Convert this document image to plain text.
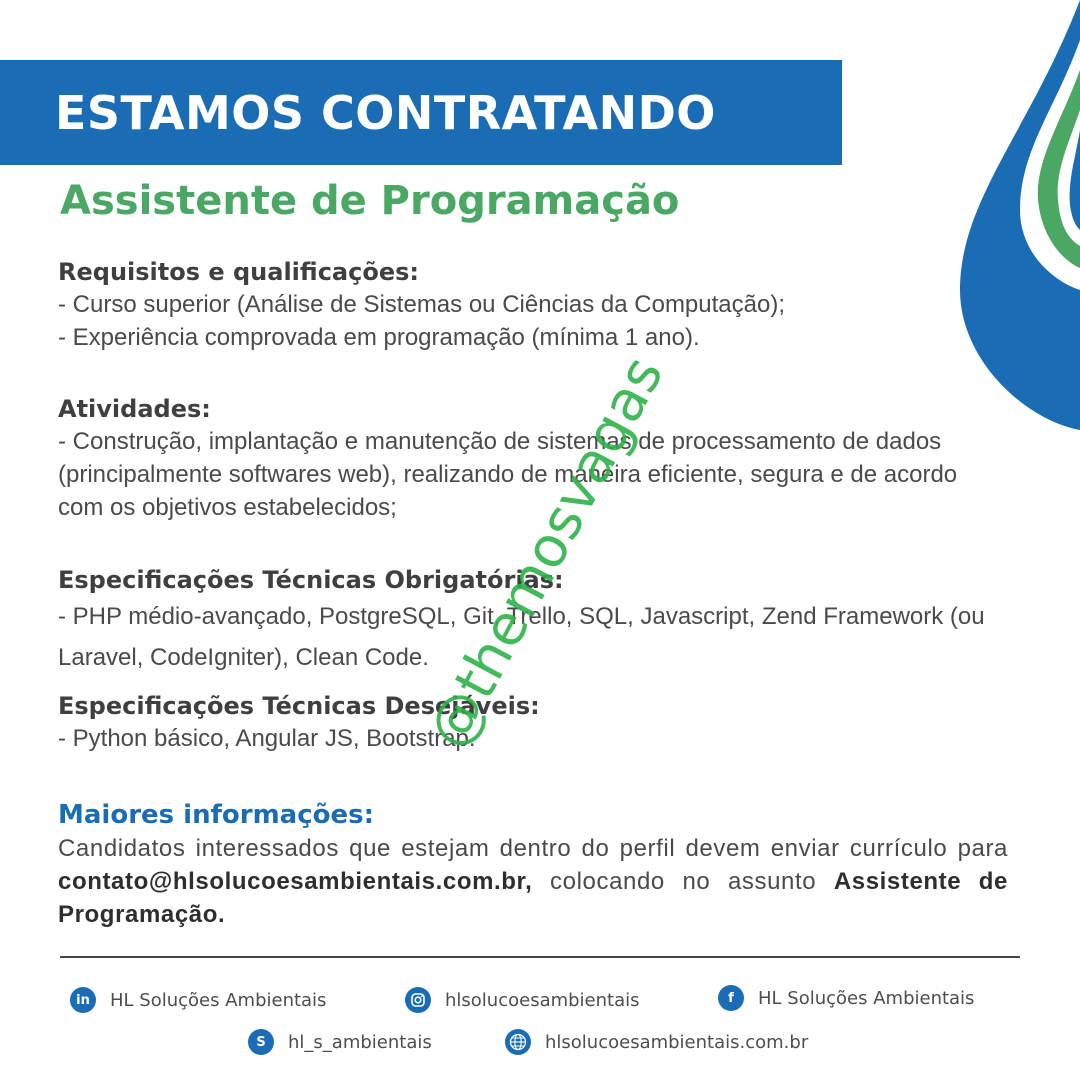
ESTAMOS CONTRATANDO
Assistente de Programação
Requisitos e qualificações:

- Curso superior (Análise de Sistemas ou Ciências da Computação);

- Experiência comprovada em programação (mínima 1 ano).

Atividades:

- Construção, implantação e manutenção de sistemas de processamento de dados (principalmente softwares web), realizando de maneira eficiente, segura e de acordo com os objetivos estabelecidos;

Especificações Técnicas Obrigatórias:

- PHP médio-avançado, PostgreSQL, Git, Trello, SQL, Javascript, Zend Framework (ou Laravel, CodeIgniter), Clean Code.

Especificações Técnicas Desejáveis:

- Python básico, Angular JS, Bootstrap.

Maiores informações:

Candidatos interessados que estejam dentro do perfil devem enviar currículo para contato@hlsolucoesambientais.com.br, colocando no assunto Assistente de Programação.

in	HL Soluções Ambientais	hlsolucoesambientais	f	HL Soluções Ambientais
S	hl_s_ambientais	hlsolucoesambientais.com.br
@themosvagas
